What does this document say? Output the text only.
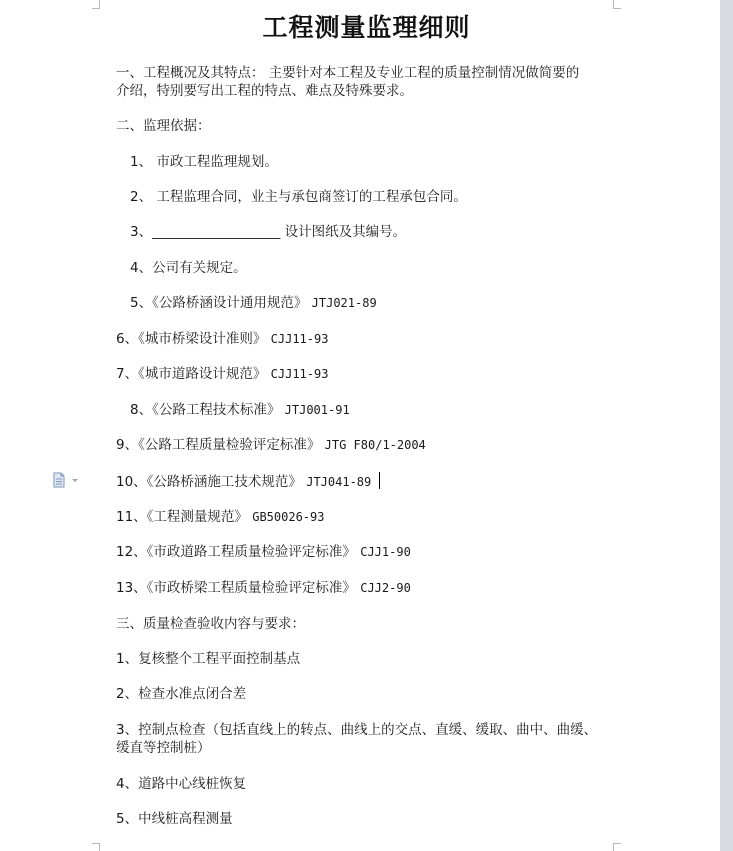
工程测量监理细则
一、工程概况及其特点： 主要针对本工程及专业工程的质量控制情况做简要的
介绍，特别要写出工程的特点、难点及特殊要求。
二、监理依据：
1、 市政工程监理规划。
2、 工程监理合同，业主与承包商签订的工程承包合同。
3、___________________ 设计图纸及其编号。
4、公司有关规定。
5、《公路桥涵设计通用规范》 JTJ021-89
6、《城市桥梁设计准则》 CJJ11-93
7、《城市道路设计规范》 CJJ11-93
8、《公路工程技术标准》 JTJ001-91
9、《公路工程质量检验评定标准》 JTG F80/1-2004
10、《公路桥涵施工技术规范》 JTJ041-89
11、《工程测量规范》 GB50026-93
12、《市政道路工程质量检验评定标准》 CJJ1-90
13、《市政桥梁工程质量检验评定标准》 CJJ2-90
三、质量检查验收内容与要求：
1、复核整个工程平面控制基点
2、检查水准点闭合差
3、控制点检查（包括直线上的转点、曲线上的交点、直缓、缓取、曲中、曲缓、
缓直等控制桩）
4、道路中心线桩恢复
5、中线桩高程测量
